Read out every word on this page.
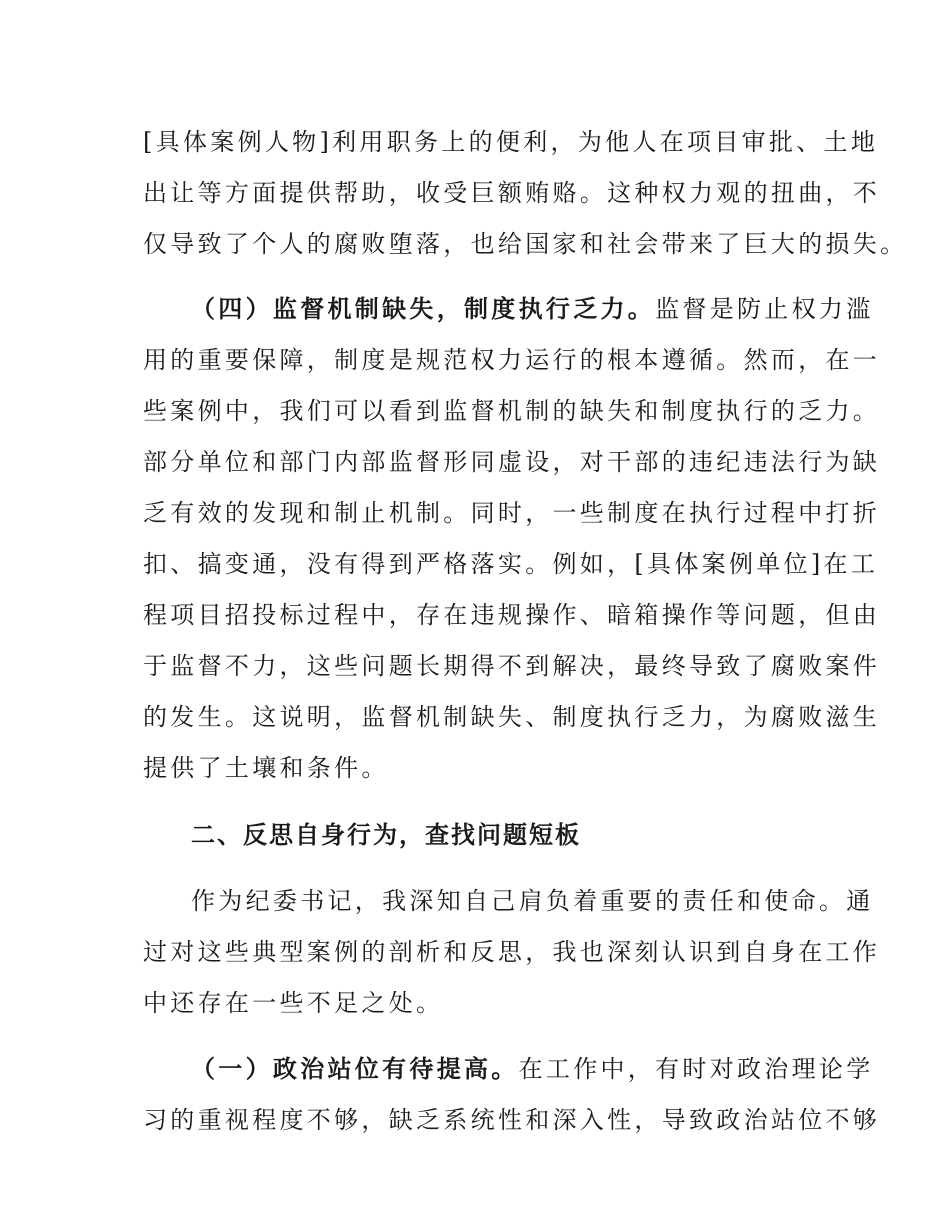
[具体案例人物]利用职务上的便利，为他人在项目审批、土地
出让等方面提供帮助，收受巨额贿赂。这种权力观的扭曲，不
仅导致了个人的腐败堕落，也给国家和社会带来了巨大的损失。
（四）监督机制缺失，制度执行乏力。监督是防止权力滥
用的重要保障，制度是规范权力运行的根本遵循。然而，在一
些案例中，我们可以看到监督机制的缺失和制度执行的乏力。
部分单位和部门内部监督形同虚设，对干部的违纪违法行为缺
乏有效的发现和制止机制。同时，一些制度在执行过程中打折
扣、搞变通，没有得到严格落实。例如，[具体案例单位]在工
程项目招投标过程中，存在违规操作、暗箱操作等问题，但由
于监督不力，这些问题长期得不到解决，最终导致了腐败案件
的发生。这说明，监督机制缺失、制度执行乏力，为腐败滋生
提供了土壤和条件。
二、反思自身行为，查找问题短板
作为纪委书记，我深知自己肩负着重要的责任和使命。通
过对这些典型案例的剖析和反思，我也深刻认识到自身在工作
中还存在一些不足之处。
（一）政治站位有待提高。在工作中，有时对政治理论学
习的重视程度不够，缺乏系统性和深入性，导致政治站位不够
